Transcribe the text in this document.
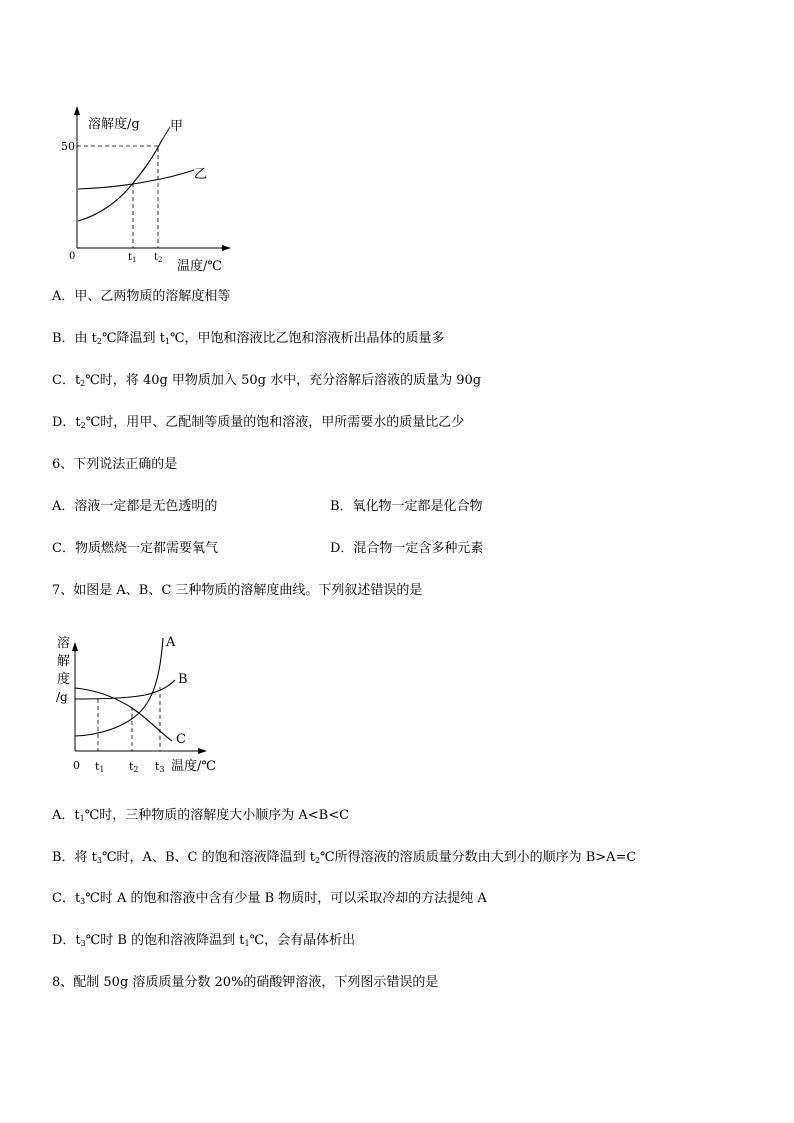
溶解度/g 甲
乙
50
0	$t_1$ $t_2$ 温度/℃
A．甲、乙两物质的溶解度相等
B．由 $t_2℃$降温到 $t_1℃$，甲饱和溶液比乙饱和溶液析出晶体的质量多
C．$t_2℃$时，将 40g 甲物质加入 50g 水中，充分溶解后溶液的质量为 90g
D．$t_2℃$时，用甲、乙配制等质量的饱和溶液，甲所需要水的质量比乙少
6、下列说法正确的是
A．溶液一定都是无色透明的	B．氧化物一定都是化合物
C．物质燃烧一定都需要氧气	D．混合物一定含多种元素
7、如图是 A、B、C 三种物质的溶解度曲线。下列叙述错误的是
溶
解
度
/g
A
B
C
0 t1 t2 t3 温度/℃
A．$t_1℃$时，三种物质的溶解度大小顺序为 A<B<C
B．将 $t_3℃$时，A、B、C 的饱和溶液降温到 $t_2℃$所得溶液的溶质质量分数由大到小的顺序为 B>A=C
C．$t_3℃$时 A 的饱和溶液中含有少量 B 物质时，可以采取冷却的方法提纯 A
D．$t_3℃$时 B 的饱和溶液降温到 $t_1℃$，会有晶体析出
8、配制 50g 溶质质量分数 20%的硝酸钾溶液，下列图示错误的是
